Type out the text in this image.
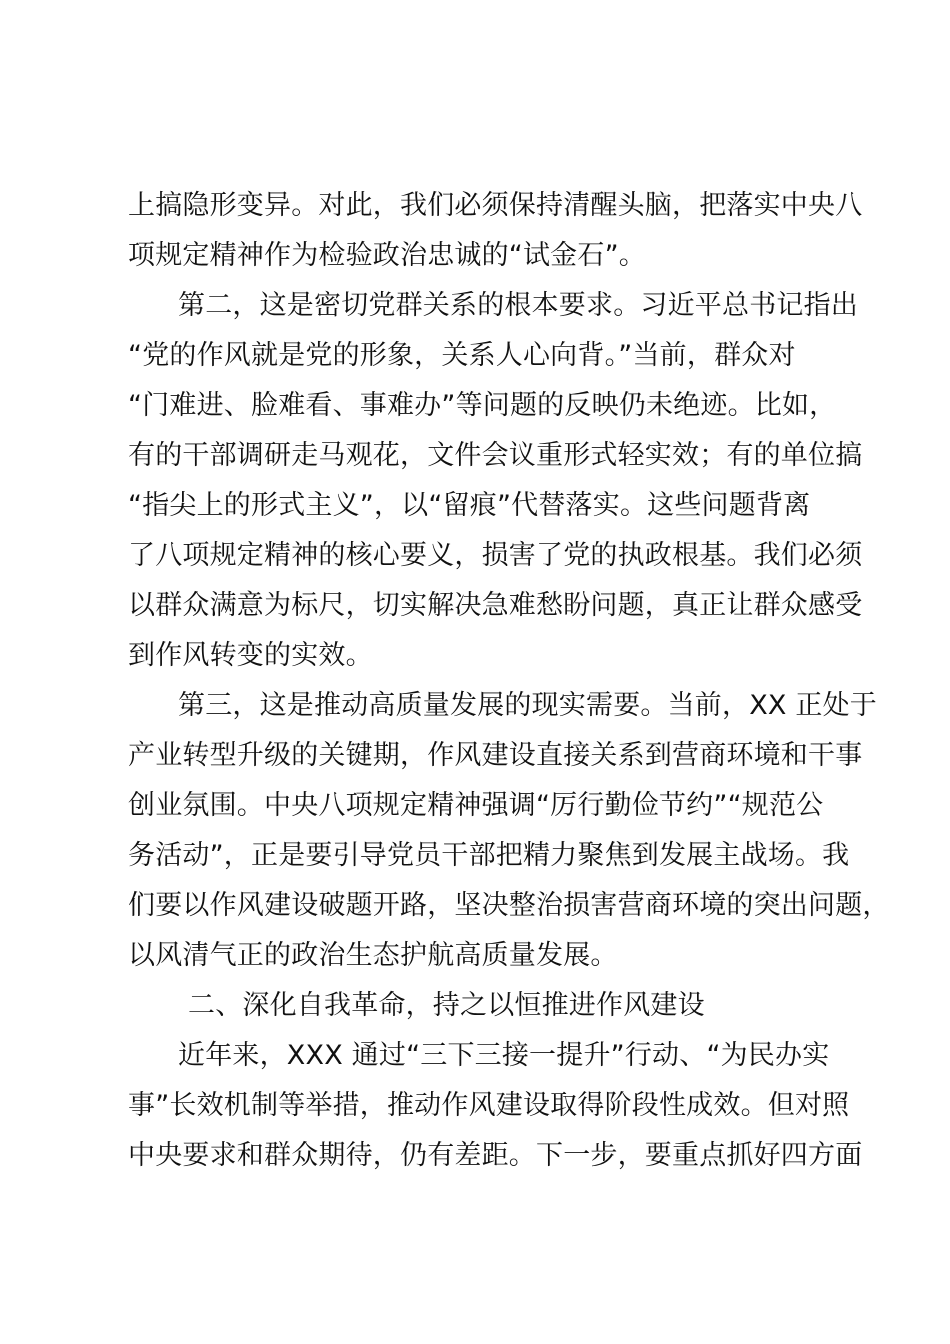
上搞隐形变异。对此，我们必须保持清醒头脑，把落实中央八
项规定精神作为检验政治忠诚的“试金石”。
第二，这是密切党群关系的根本要求。习近平总书记指出
“党的作风就是党的形象，关系人心向背。”当前，群众对
“门难进、脸难看、事难办”等问题的反映仍未绝迹。比如，
有的干部调研走马观花，文件会议重形式轻实效；有的单位搞
“指尖上的形式主义”，以“留痕”代替落实。这些问题背离
了八项规定精神的核心要义，损害了党的执政根基。我们必须
以群众满意为标尺，切实解决急难愁盼问题，真正让群众感受
到作风转变的实效。
第三，这是推动高质量发展的现实需要。当前，XX 正处于
产业转型升级的关键期，作风建设直接关系到营商环境和干事
创业氛围。中央八项规定精神强调“厉行勤俭节约”“规范公
务活动”，正是要引导党员干部把精力聚焦到发展主战场。我
们要以作风建设破题开路，坚决整治损害营商环境的突出问题，
以风清气正的政治生态护航高质量发展。
二、深化自我革命，持之以恒推进作风建设
近年来，XXX 通过“三下三接一提升”行动、“为民办实
事”长效机制等举措，推动作风建设取得阶段性成效。但对照
中央要求和群众期待，仍有差距。下一步，要重点抓好四方面
